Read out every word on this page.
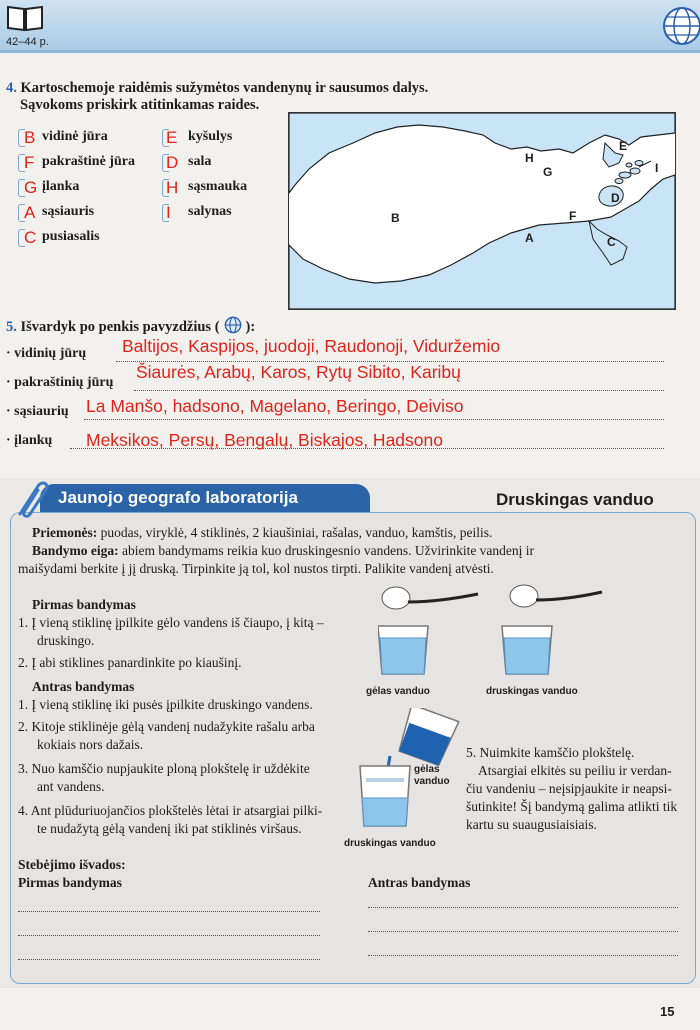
42–44 p.
4. Kartoschemoje raidėmis sužymėtos vandenynų ir sausumos dalys.
Sąvokoms priskirk atitinkamas raides.
B vidinė jūra
F pakraštinė jūra
G įlanka
A sąsiauris
C pusiasalis
E kyšulys
D sala
H sąsmauka
I salynas
A
B
C
D
E
F
G
H
I
5. Išvardyk po penkis pavyzdžius ( ):
· vidinių jūrų Baltijos, Kaspijos, juodoji, Raudonoji, Viduržemio
· pakraštinių jūrų
Šiaurės, Arabų, Karos, Rytų Sibito, Karibų
· sąsiaurių La Manšo, hadsono, Magelano, Beringo, Deiviso
· įlankų Meksikos, Persų, Bengalų, Biskajos, Hadsono
Jaunojo geografo laboratorija	Druskingas vanduo
Priemonės: puodas, viryklė, 4 stiklinės, 2 kiaušiniai, rašalas, vanduo, kamštis, peilis.
Bandymo eiga: abiem bandymams reikia kuo druskingesnio vandens. Užvirinkite vandenį ir
maišydami berkite į jį druską. Tirpinkite ją tol, kol nustos tirpti. Palikite vandenį atvėsti.
Pirmas bandymas
1. Į vieną stiklinę įpilkite gėlo vandens iš čiaupo, į kitą –
druskingo.
2. Į abi stiklines panardinkite po kiaušinį.
Antras bandymas
1. Į vieną stiklinę iki pusės įpilkite druskingo vandens.
2. Kitoje stiklinėje gėlą vandenį nudažykite rašalu arba
kokiais nors dažais.
3. Nuo kamščio nupjaukite ploną plokštelę ir uždėkite
ant vandens.
4. Ant plūduriuojančios plokštelės lėtai ir atsargiai pilki-
te nudažytą gėlą vandenį iki pat stiklinės viršaus.
5. Nuimkite kamščio plokštelę.
Atsargiai elkitės su peiliu ir verdan-
čiu vandeniu – neįsipjaukite ir neapsi-
šutinkite! Šį bandymą galima atlikti tik
kartu su suaugusiaisiais.
gėlas vanduo	druskingas vanduo
gėlas
vanduo
druskingas vanduo
Stebėjimo išvados:
Pirmas bandymas	Antras bandymas
15
